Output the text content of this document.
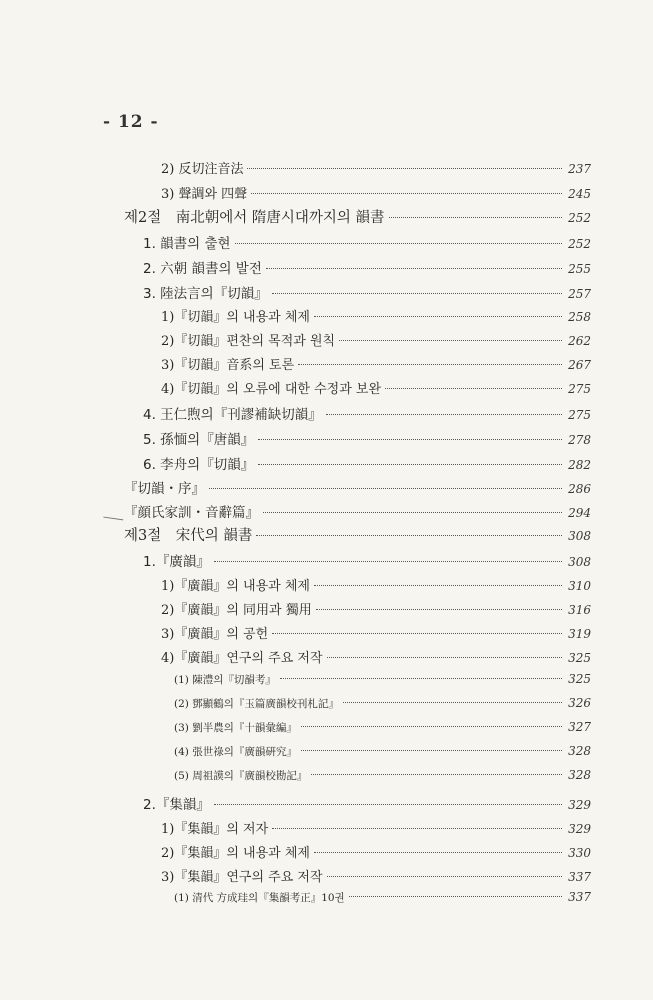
- 12 -
2) 反切注音法	237
3) 聲調와 四聲	245
제2절　南北朝에서 隋唐시대까지의 韻書	252
1. 韻書의 출현	252
2. 六朝 韻書의 발전	255
3. 陸法言의『切韻』	257
1)『切韻』의 내용과 체제	258
2)『切韻』편찬의 목적과 원칙	262
3)『切韻』音系의 토론	267
4)『切韻』의 오류에 대한 수정과 보완	275
4. 王仁煦의『刊謬補缺切韻』	275
5. 孫愐의『唐韻』	278
6. 李舟의『切韻』	282
『切韻・序』	286
『顔氏家訓・音辭篇』	294
제3절　宋代의 韻書	308
1.『廣韻』	308
1)『廣韻』의 내용과 체제	310
2)『廣韻』의 同用과 獨用	316
3)『廣韻』의 공헌	319
4)『廣韻』연구의 주요 저작	325
(1) 陳澧의『切韻考』	325
(2) 鄧顯鶴의『玉篇廣韻校刊札記』	326
(3) 劉半農의『十韻彙編』	327
(4) 張世祿의『廣韻硏究』	328
(5) 周祖謨의『廣韻校勘記』	328
2.『集韻』	329
1)『集韻』의 저자	329
2)『集韻』의 내용과 체제	330
3)『集韻』연구의 주요 저작	337
(1) 清代 方成珪의『集韻考正』10권	337
